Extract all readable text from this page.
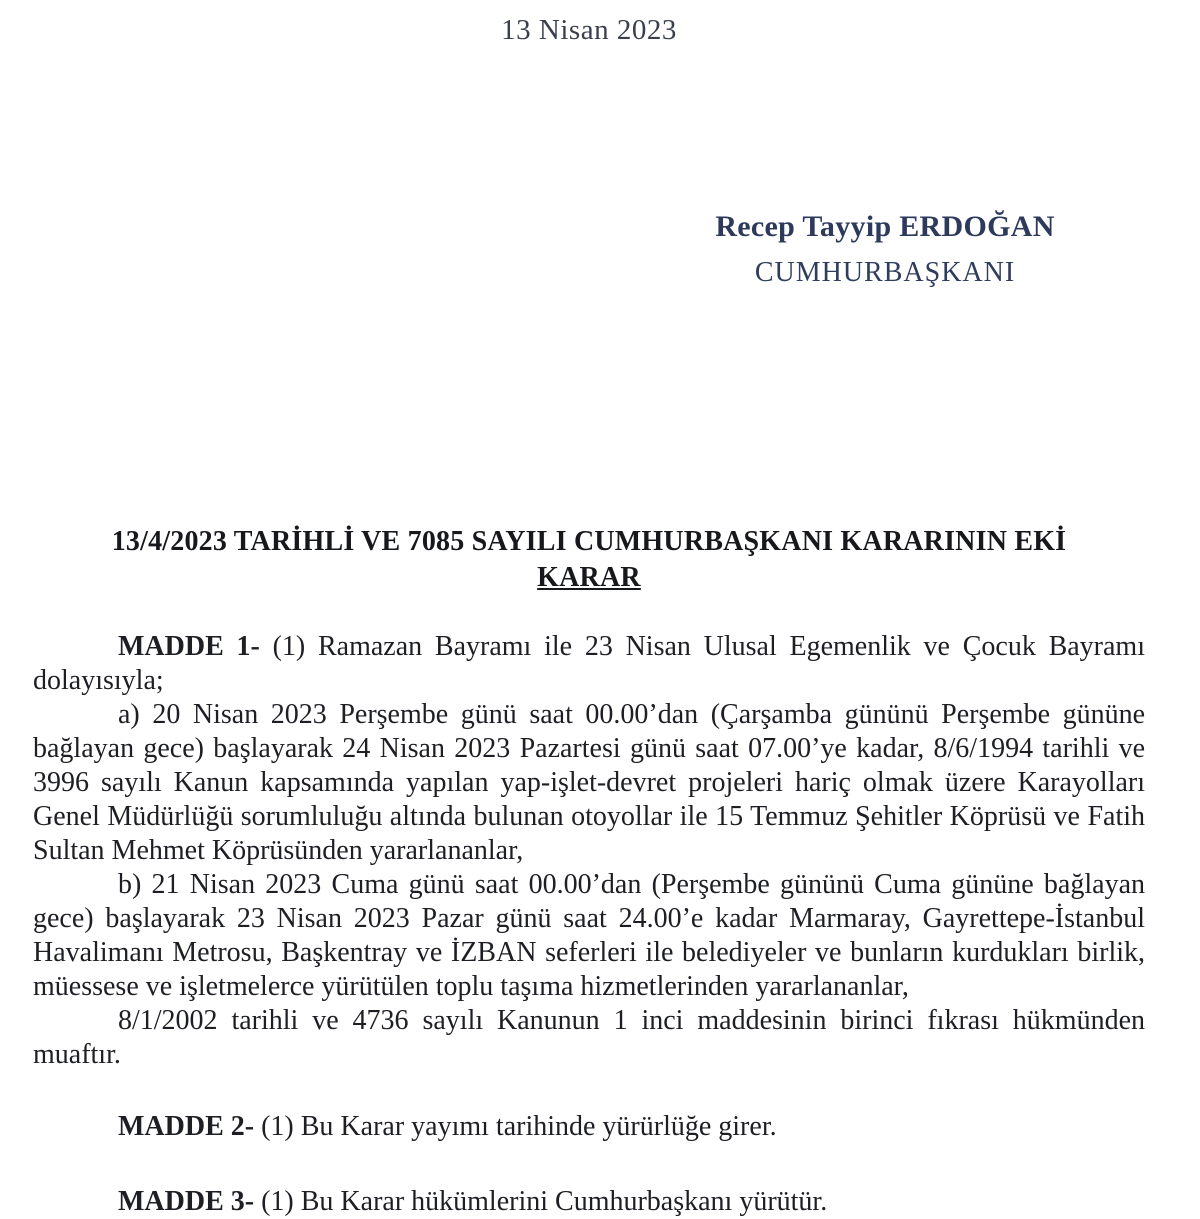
13 Nisan 2023
Recep Tayyip ERDOĞAN
CUMHURBAŞKANI
13/4/2023 TARİHLİ VE 7085 SAYILI CUMHURBAŞKANI KARARININ EKİ
KARAR

MADDE 1- (1) Ramazan Bayramı ile 23 Nisan Ulusal Egemenlik ve Çocuk Bayramı dolayısıyla;

a) 20 Nisan 2023 Perşembe günü saat 00.00’dan (Çarşamba gününü Perşembe gününe bağlayan gece) başlayarak 24 Nisan 2023 Pazartesi günü saat 07.00’ye kadar, 8/6/1994 tarihli ve 3996 sayılı Kanun kapsamında yapılan yap-işlet-devret projeleri hariç olmak üzere Karayolları Genel Müdürlüğü sorumluluğu altında bulunan otoyollar ile 15 Temmuz Şehitler Köprüsü ve Fatih Sultan Mehmet Köprüsünden yararlananlar,

b) 21 Nisan 2023 Cuma günü saat 00.00’dan (Perşembe gününü Cuma gününe bağlayan gece) başlayarak 23 Nisan 2023 Pazar günü saat 24.00’e kadar Marmaray, Gayrettepe-İstanbul Havalimanı Metrosu, Başkentray ve İZBAN seferleri ile belediyeler ve bunların kurdukları birlik, müessese ve işletmelerce yürütülen toplu taşıma hizmetlerinden yararlananlar,

8/1/2002 tarihli ve 4736 sayılı Kanunun 1 inci maddesinin birinci fıkrası hükmünden muaftır.

MADDE 2- (1) Bu Karar yayımı tarihinde yürürlüğe girer.

MADDE 3- (1) Bu Karar hükümlerini Cumhurbaşkanı yürütür.
